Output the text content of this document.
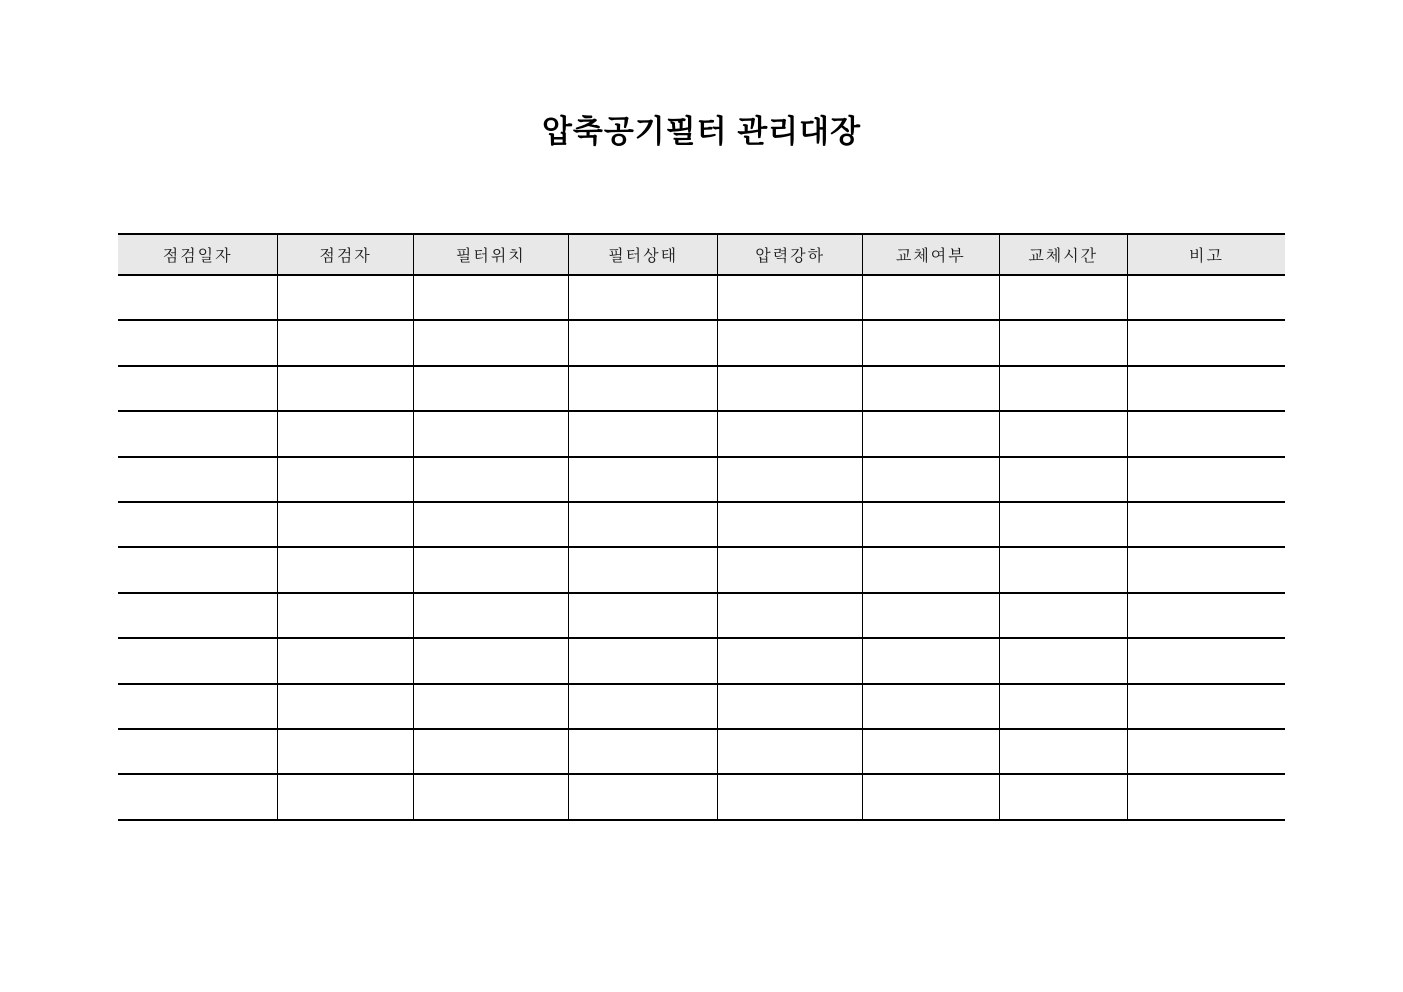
압축공기필터 관리대장
점검일자	점검자	필터위치	필터상태	압력강하	교체여부	교체시간	비고
